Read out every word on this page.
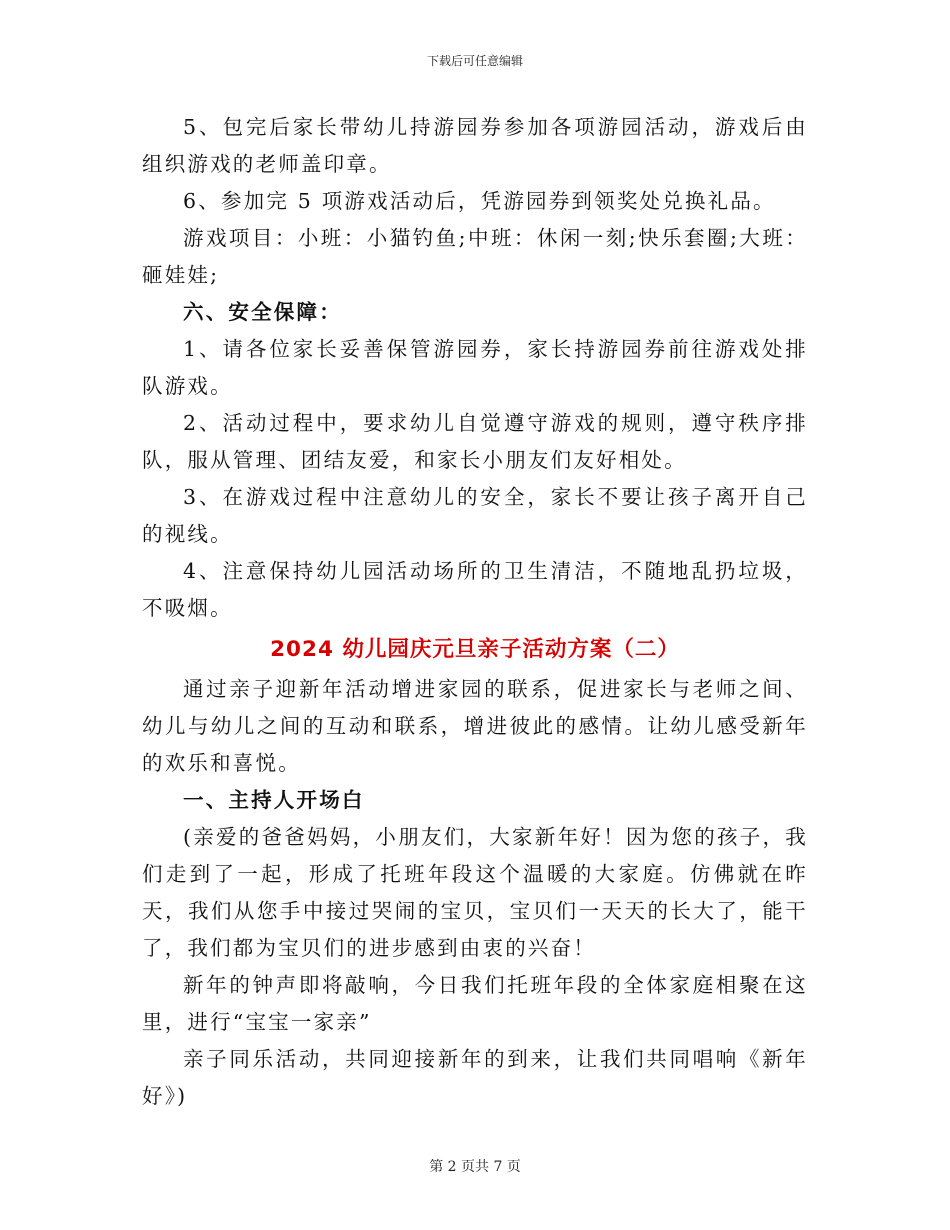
下载后可任意编辑

5、包完后家长带幼儿持游园券参加各项游园活动，游戏后由组织游戏的老师盖印章。

6、参加完 5 项游戏活动后，凭游园券到领奖处兑换礼品。

游戏项目：小班：小猫钓鱼;中班：休闲一刻;快乐套圈;大班：砸娃娃;

六、安全保障：

1、请各位家长妥善保管游园券，家长持游园券前往游戏处排队游戏。

2、活动过程中，要求幼儿自觉遵守游戏的规则，遵守秩序排队，服从管理、团结友爱，和家长小朋友们友好相处。

3、在游戏过程中注意幼儿的安全，家长不要让孩子离开自己的视线。

4、注意保持幼儿园活动场所的卫生清洁，不随地乱扔垃圾，不吸烟。

2024 幼儿园庆元旦亲子活动方案（二）

通过亲子迎新年活动增进家园的联系，促进家长与老师之间、幼儿与幼儿之间的互动和联系，增进彼此的感情。让幼儿感受新年的欢乐和喜悦。

一、主持人开场白

(亲爱的爸爸妈妈，小朋友们，大家新年好！因为您的孩子，我们走到了一起，形成了托班年段这个温暖的大家庭。仿佛就在昨天，我们从您手中接过哭闹的宝贝，宝贝们一天天的长大了，能干了，我们都为宝贝们的进步感到由衷的兴奋！

新年的钟声即将敲响，今日我们托班年段的全体家庭相聚在这里，进行“宝宝一家亲”

亲子同乐活动，共同迎接新年的到来，让我们共同唱响《新年好》)

第 2 页共 7 页
